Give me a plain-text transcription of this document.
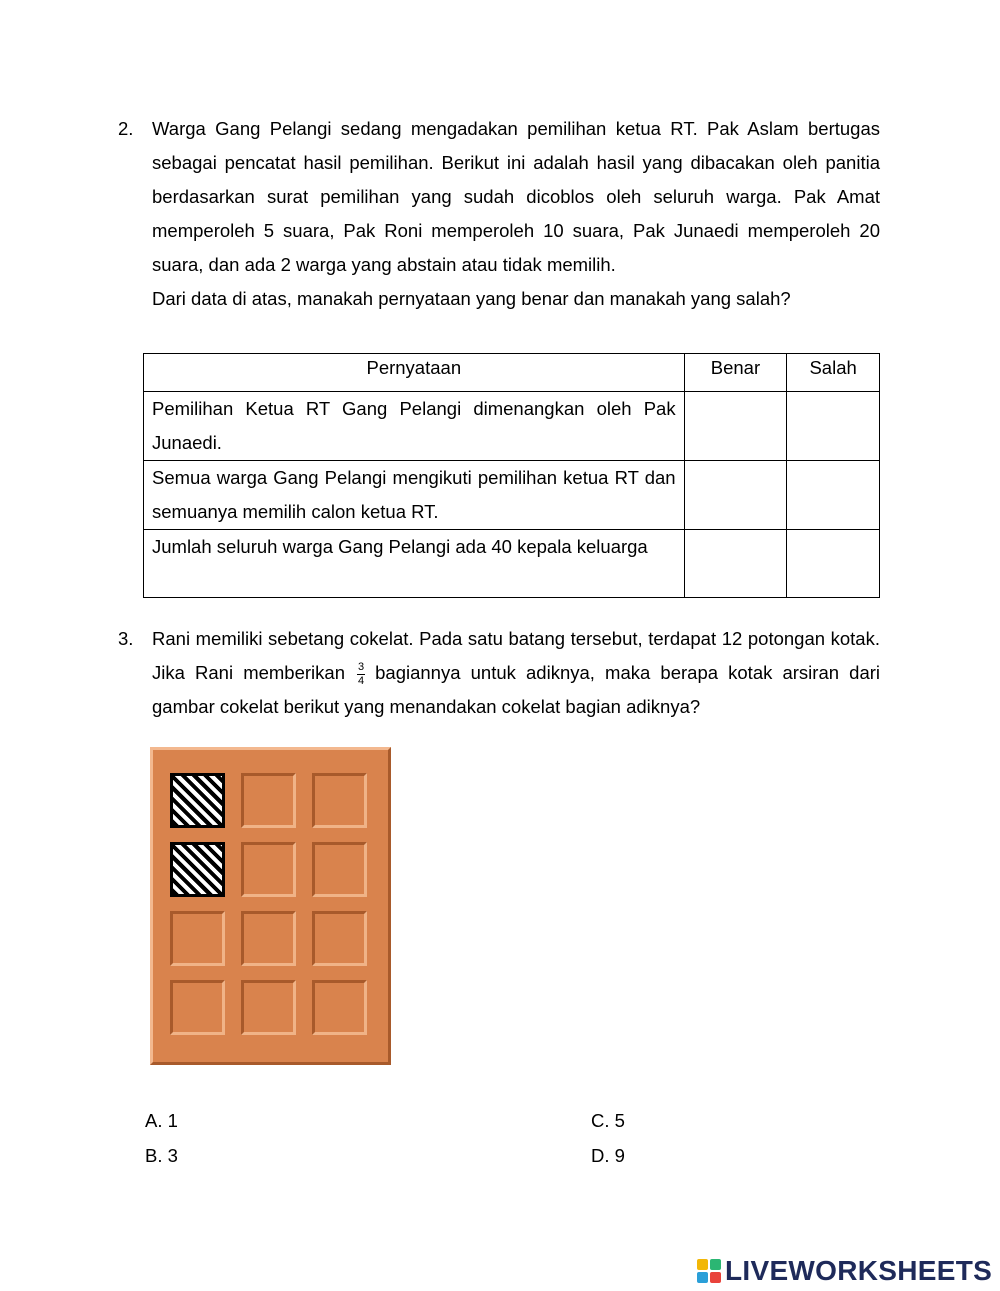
2. Warga Gang Pelangi sedang mengadakan pemilihan ketua RT. Pak Aslam bertugas sebagai pencatat hasil pemilihan. Berikut ini adalah hasil yang dibacakan oleh panitia berdasarkan surat pemilihan yang sudah dicoblos oleh seluruh warga. Pak Amat memperoleh 5 suara, Pak Roni memperoleh 10 suara, Pak Junaedi memperoleh 20 suara, dan ada 2 warga yang abstain atau tidak memilih.

Dari data di atas, manakah pernyataan yang benar dan manakah yang salah?

Pernyataan	Benar	Salah
Pemilihan Ketua RT Gang Pelangi dimenangkan oleh Pak Junaedi.		
Semua warga Gang Pelangi mengikuti pemilihan ketua RT dan semuanya memilih calon ketua RT.		
Jumlah seluruh warga Gang Pelangi ada 40 kepala keluarga		
3. Rani memiliki sebetang cokelat. Pada satu batang tersebut, terdapat 12 potongan kotak. Jika Rani memberikan $\frac{3}{4}$ bagiannya untuk adiknya, maka berapa kotak arsiran dari gambar cokelat berikut yang menandakan cokelat bagian adiknya?

A. 1
B. 3
C. 5
D. 9
LIVEWORKSHEETS
